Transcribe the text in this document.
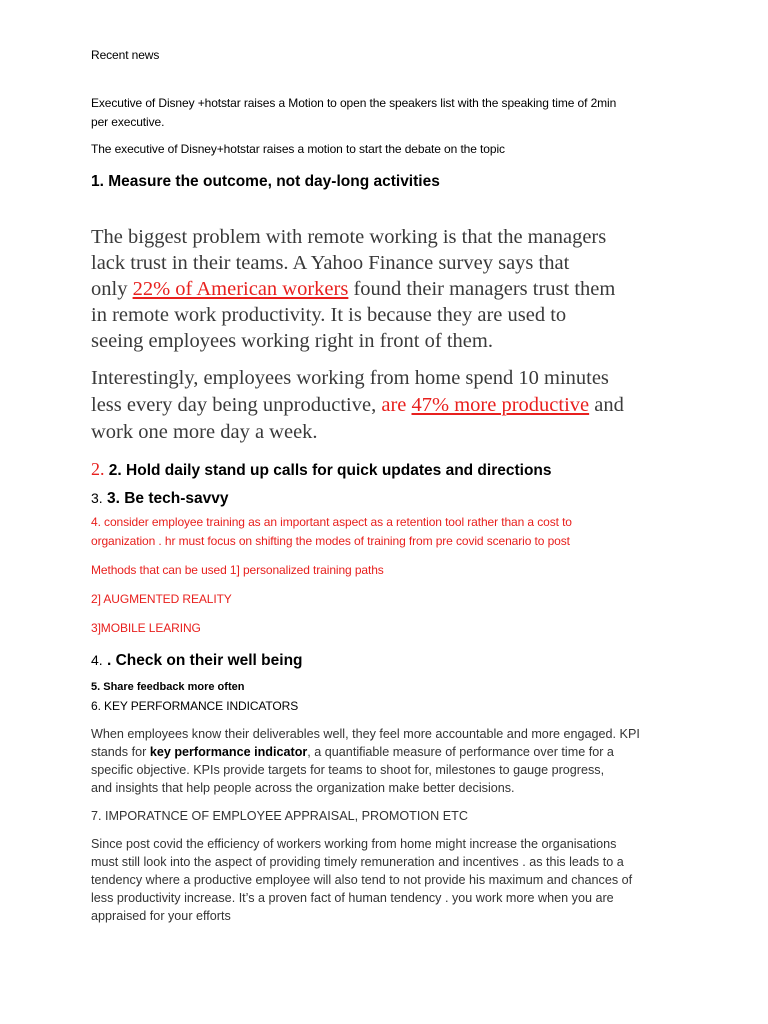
Recent news
Executive of Disney +hotstar raises a Motion to open the speakers list with the speaking time of 2min
per executive.
The executive of Disney+hotstar raises a motion to start the debate on the topic
1. Measure the outcome, not day-long activities
The biggest problem with remote working is that the managers
lack trust in their teams. A Yahoo Finance survey says that
only 22% of American workers found their managers trust them
in remote work productivity. It is because they are used to
seeing employees working right in front of them.
Interestingly, employees working from home spend 10 minutes
less every day being unproductive, are 47% more productive and
work one more day a week.
2. 2. Hold daily stand up calls for quick updates and directions
3. 3. Be tech-savvy
4. consider employee training as an important aspect as a retention tool rather than a cost to
organization . hr must focus on shifting the modes of training from pre covid scenario to post
Methods that can be used 1] personalized training paths
2] AUGMENTED REALITY
3]MOBILE LEARING
4. . Check on their well being
5. Share feedback more often
6. KEY PERFORMANCE INDICATORS
When employees know their deliverables well, they feel more accountable and more engaged. KPI
stands for key performance indicator, a quantifiable measure of performance over time for a
specific objective. KPIs provide targets for teams to shoot for, milestones to gauge progress,
and insights that help people across the organization make better decisions.
7. IMPORATNCE OF EMPLOYEE APPRAISAL, PROMOTION ETC
Since post covid the efficiency of workers working from home might increase the organisations
must still look into the aspect of providing timely remuneration and incentives . as this leads to a
tendency where a productive employee will also tend to not provide his maximum and chances of
less productivity increase. It’s a proven fact of human tendency . you work more when you are
appraised for your efforts
